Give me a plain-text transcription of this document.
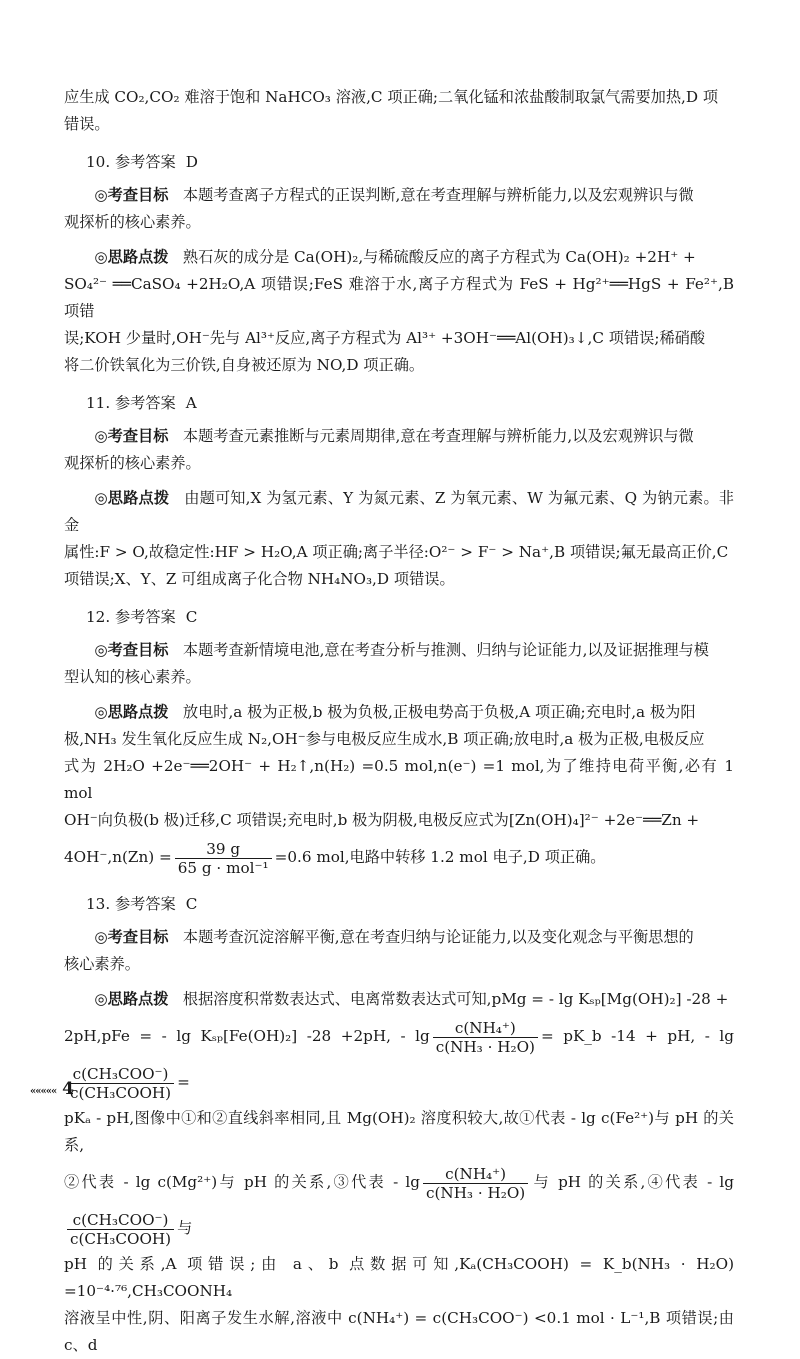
应生成 CO₂,CO₂ 难溶于饱和 NaHCO₃ 溶液,C 项正确;二氧化锰和浓盐酸制取氯气需要加热,D 项

错误。

10. 参考答案 D

◎考查目标 本题考查离子方程式的正误判断,意在考查理解与辨析能力,以及宏观辨识与微

观探析的核心素养。

◎思路点拨 熟石灰的成分是 Ca(OH)₂,与稀硫酸反应的离子方程式为 Ca(OH)₂ +2H⁺ +

SO₄²⁻ ══CaSO₄ +2H₂O,A 项错误;FeS 难溶于水,离子方程式为 FeS + Hg²⁺══HgS + Fe²⁺,B 项错

误;KOH 少量时,OH⁻先与 Al³⁺反应,离子方程式为 Al³⁺ +3OH⁻══Al(OH)₃↓,C 项错误;稀硝酸

将二价铁氧化为三价铁,自身被还原为 NO,D 项正确。

11. 参考答案 A

◎考查目标 本题考查元素推断与元素周期律,意在考查理解与辨析能力,以及宏观辨识与微

观探析的核心素养。

◎思路点拨 由题可知,X 为氢元素、Y 为氮元素、Z 为氧元素、W 为氟元素、Q 为钠元素。非金

属性:F > O,故稳定性:HF > H₂O,A 项正确;离子半径:O²⁻ > F⁻ > Na⁺,B 项错误;氟无最高正价,C

项错误;X、Y、Z 可组成离子化合物 NH₄NO₃,D 项错误。

12. 参考答案 C

◎考查目标 本题考查新情境电池,意在考查分析与推测、归纳与论证能力,以及证据推理与模

型认知的核心素养。

◎思路点拨 放电时,a 极为正极,b 极为负极,正极电势高于负极,A 项正确;充电时,a 极为阳

极,NH₃ 发生氧化反应生成 N₂,OH⁻参与电极反应生成水,B 项正确;放电时,a 极为正极,电极反应

式为 2H₂O +2e⁻══2OH⁻ + H₂↑,n(H₂) =0.5 mol,n(e⁻) =1 mol,为了维持电荷平衡,必有 1 mol

OH⁻向负极(b 极)迁移,C 项错误;充电时,b 极为阴极,电极反应式为[Zn(OH)₄]²⁻ +2e⁻══Zn +

$4OH^-,n(Zn) = \frac{39 g}{\text{65 g · mol⁻¹}} =0.6$ mol,电路中转移 1.2 mol 电子,D 项正确。

13. 参考答案 C

◎考查目标 本题考查沉淀溶解平衡,意在考查归纳与论证能力,以及变化观念与平衡思想的

核心素养。

◎思路点拨 根据溶度积常数表达式、电离常数表达式可知,pMg = - lg Kₛₚ[Mg(OH)₂] -28 +

2pH,pFe = - lg Kₛₚ[Fe(OH)₂] -28 +2pH, - $\lg \frac{\text{c(NH₄⁺)}}{\text{c(NH₃ · H₂O)}}$ = pK_b -14 + pH, - lg
$\frac{\text{c(CH₃COO⁻)}}{\text{c(CH₃COOH)}}$ =

pKₐ - pH,图像中①和②直线斜率相同,且 Mg(OH)₂ 溶度积较大,故①代表 - lg c(Fe²⁺)与 pH 的关系,

②代表 - lg c(Mg²⁺)与 pH 的关系,③代表 - $\lg \frac{\text{c(NH₄⁺)}}{\text{c(NH₃ · H₂O)}}$ 与 pH 的关系,④代表 - lg
$\frac{\text{c(CH₃COO⁻)}}{\text{c(CH₃COOH)}}$ 与

pH 的关系,A 项错误;由 a、b 点数据可知,Kₐ(CH₃COOH) = K_b(NH₃ · H₂O) =10⁻⁴·⁷⁶,CH₃COONH₄

溶液呈中性,阴、阳离子发生水解,溶液中 c(NH₄⁺) = c(CH₃COO⁻) <0.1 mol · L⁻¹,B 项错误;由 c、d

««««« 4
